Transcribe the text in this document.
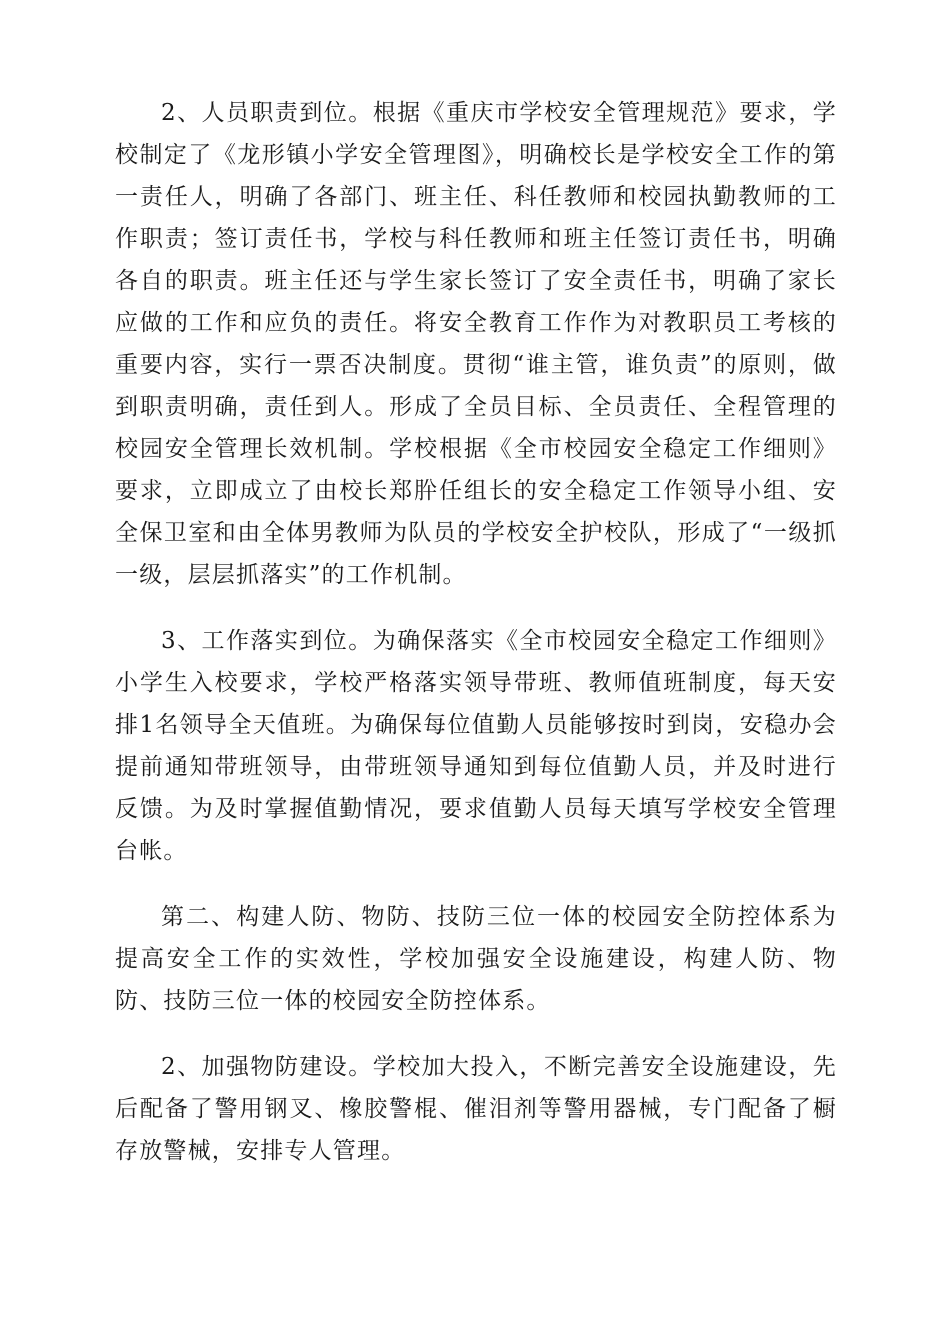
2、人员职责到位。根据《重庆市学校安全管理规范》要求，学校制定了《龙形镇小学安全管理图》，明确校长是学校安全工作的第一责任人，明确了各部门、班主任、科任教师和校园执勤教师的工作职责；签订责任书，学校与科任教师和班主任签订责任书，明确各自的职责。班主任还与学生家长签订了安全责任书，明确了家长应做的工作和应负的责任。将安全教育工作作为对教职员工考核的重要内容，实行一票否决制度。贯彻“谁主管，谁负责”的原则，做到职责明确，责任到人。形成了全员目标、全员责任、全程管理的校园安全管理长效机制。学校根据《全市校园安全稳定工作细则》要求，立即成立了由校长郑肸任组长的安全稳定工作领导小组、安全保卫室和由全体男教师为队员的学校安全护校队，形成了“一级抓一级，层层抓落实”的工作机制。

3、工作落实到位。为确保落实《全市校园安全稳定工作细则》小学生入校要求，学校严格落实领导带班、教师值班制度，每天安排1名领导全天值班。为确保每位值勤人员能够按时到岗，安稳办会提前通知带班领导，由带班领导通知到每位值勤人员，并及时进行反馈。为及时掌握值勤情况，要求值勤人员每天填写学校安全管理台帐。

第二、构建人防、物防、技防三位一体的校园安全防控体系为提高安全工作的实效性，学校加强安全设施建设，构建人防、物防、技防三位一体的校园安全防控体系。

2、加强物防建设。学校加大投入，不断完善安全设施建设，先后配备了警用钢叉、橡胶警棍、催泪剂等警用器械，专门配备了橱存放警械，安排专人管理。
